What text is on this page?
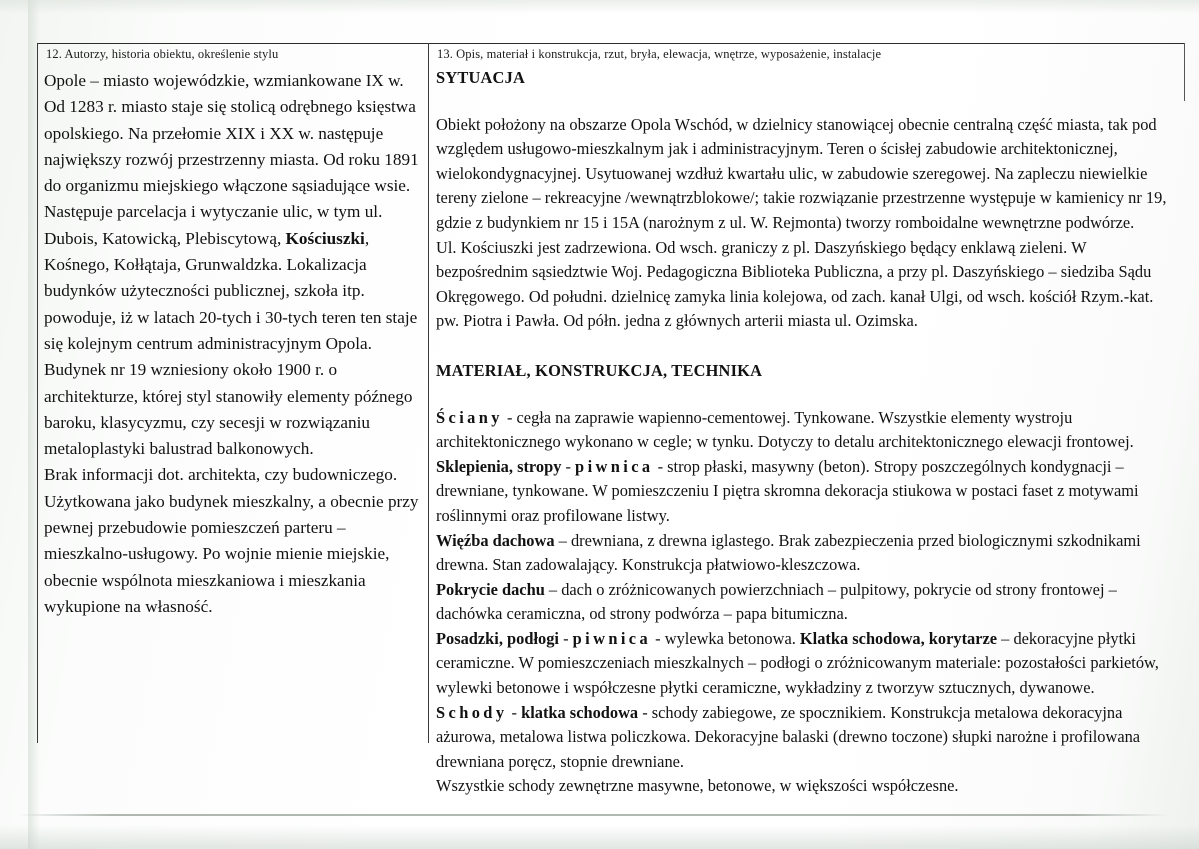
12. Autorzy, historia obiektu, określenie stylu	13. Opis, materiał i konstrukcja, rzut, bryła, elewacja, wnętrze, wyposażenie, instalacje

Opole – miasto wojewódzkie, wzmiankowane IX w. Od 1283 r. miasto staje się stolicą odrębnego księstwa opolskiego. Na przełomie XIX i XX w. następuje największy rozwój przestrzenny miasta. Od roku 1891 do organizmu miejskiego włączone sąsiadujące wsie. Następuje parcelacja i wytyczanie ulic, w tym ul. Dubois, Katowicką, Plebiscytową, Kościuszki, Kośnego, Kołłątaja, Grunwaldzka. Lokalizacja budynków użyteczności publicznej, szkoła itp. powoduje, iż w latach 20-tych i 30-tych teren ten staje się kolejnym centrum administracyjnym Opola.

Budynek nr 19 wzniesiony około 1900 r. o architekturze, której styl stanowiły elementy późnego baroku, klasycyzmu, czy secesji w rozwiązaniu metaloplastyki balustrad balkonowych.

Brak informacji dot. architekta, czy budowniczego.

Użytkowana jako budynek mieszkalny, a obecnie przy pewnej przebudowie pomieszczeń parteru – mieszkalno-usługowy. Po wojnie mienie miejskie, obecnie wspólnota mieszkaniowa i mieszkania wykupione na własność.

SYTUACJA

Obiekt położony na obszarze Opola Wschód, w dzielnicy stanowiącej obecnie centralną część miasta, tak pod względem usługowo-mieszkalnym jak i administracyjnym. Teren o ścisłej zabudowie architektonicznej, wielokondygnacyjnej. Usytuowanej wzdłuż kwartału ulic, w zabudowie szeregowej. Na zapleczu niewielkie tereny zielone – rekreacyjne /wewnątrzblokowe/; takie rozwiązanie przestrzenne występuje w kamienicy nr 19, gdzie z budynkiem nr 15 i 15A (narożnym z ul. W. Rejmonta) tworzy romboidalne wewnętrzne podwórze.

Ul. Kościuszki jest zadrzewiona. Od wsch. graniczy z pl. Daszyńskiego będący enklawą zieleni. W bezpośrednim sąsiedztwie Woj. Pedagogiczna Biblioteka Publiczna, a przy pl. Daszyńskiego – siedziba Sądu Okręgowego. Od południ. dzielnicę zamyka linia kolejowa, od zach. kanał Ulgi, od wsch. kościół Rzym.-kat. pw. Piotra i Pawła. Od półn. jedna z głównych arterii miasta ul. Ozimska.

MATERIAŁ, KONSTRUKCJA, TECHNIKA

Ściany - cegła na zaprawie wapienno-cementowej. Tynkowane. Wszystkie elementy wystroju architektonicznego wykonano w cegle; w tynku. Dotyczy to detalu architektonicznego elewacji frontowej.

Sklepienia, stropy - piwnica - strop płaski, masywny (beton). Stropy poszczególnych kondygnacji – drewniane, tynkowane. W pomieszczeniu I piętra skromna dekoracja stiukowa w postaci faset z motywami roślinnymi oraz profilowane listwy.

Więźba dachowa – drewniana, z drewna iglastego. Brak zabezpieczenia przed biologicznymi szkodnikami drewna. Stan zadowalający. Konstrukcja płatwiowo-kleszczowa.

Pokrycie dachu – dach o zróżnicowanych powierzchniach – pulpitowy, pokrycie od strony frontowej – dachówka ceramiczna, od strony podwórza – papa bitumiczna.

Posadzki, podłogi - piwnica - wylewka betonowa. Klatka schodowa, korytarze – dekoracyjne płytki ceramiczne. W pomieszczeniach mieszkalnych – podłogi o zróżnicowanym materiale: pozostałości parkietów, wylewki betonowe i współczesne płytki ceramiczne, wykładziny z tworzyw sztucznych, dywanowe.

Schody - klatka schodowa - schody zabiegowe, ze spocznikiem. Konstrukcja metalowa dekoracyjna ażurowa, metalowa listwa policzkowa. Dekoracyjne balaski (drewno toczone) słupki narożne i profilowana drewniana poręcz, stopnie drewniane.

Wszystkie schody zewnętrzne masywne, betonowe, w większości współczesne.
